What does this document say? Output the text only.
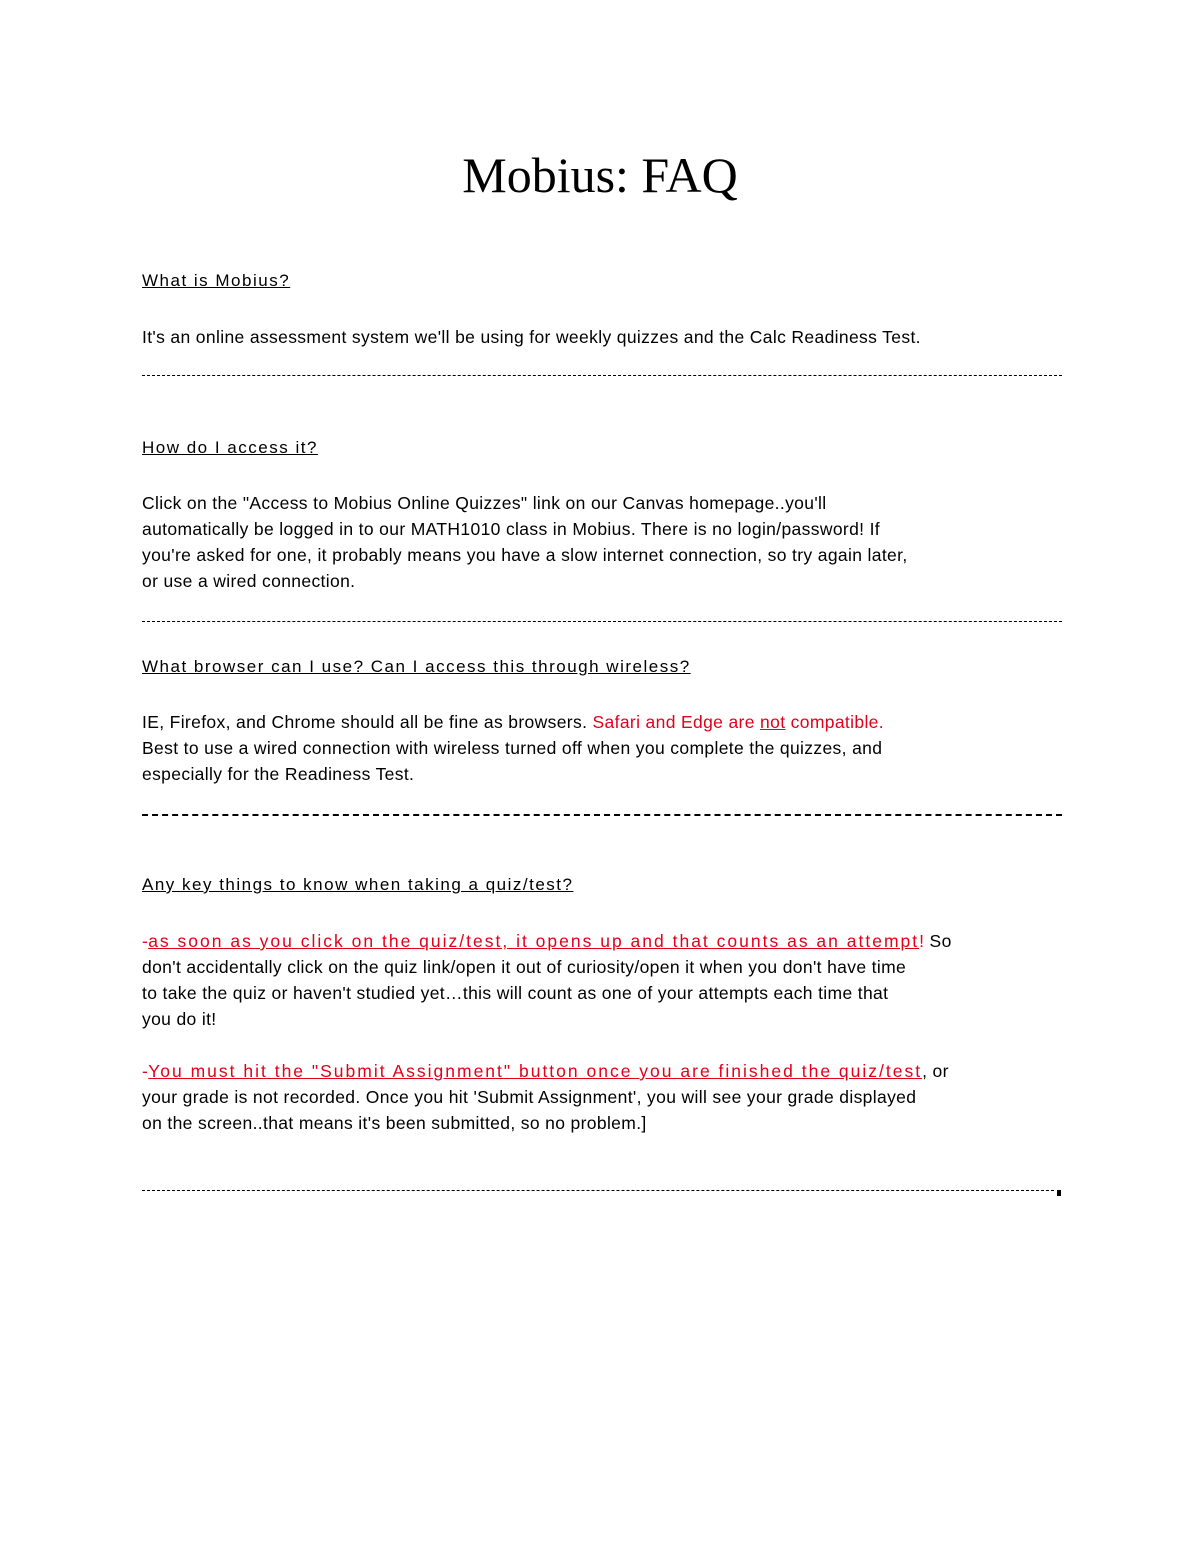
Mobius: FAQ
What is Mobius?

It's an online assessment system we'll be using for weekly quizzes and the Calc Readiness Test.

How do I access it?

Click on the "Access to Mobius Online Quizzes" link on our Canvas homepage..you'll
automatically be logged in to our MATH1010 class in Mobius. There is no login/password! If
you're asked for one, it probably means you have a slow internet connection, so try again later,
or use a wired connection.

What browser can I use? Can I access this through wireless?

IE, Firefox, and Chrome should all be fine as browsers. Safari and Edge are not compatible.
Best to use a wired connection with wireless turned off when you complete the quizzes, and
especially for the Readiness Test.

Any key things to know when taking a quiz/test?

-as soon as you click on the quiz/test, it opens up and that counts as an attempt! So
don't accidentally click on the quiz link/open it out of curiosity/open it when you don't have time
to take the quiz or haven't studied yet…this will count as one of your attempts each time that
you do it!

-You must hit the "Submit Assignment" button once you are finished the quiz/test, or
your grade is not recorded. Once you hit 'Submit Assignment', you will see your grade displayed
on the screen..that means it's been submitted, so no problem.]
